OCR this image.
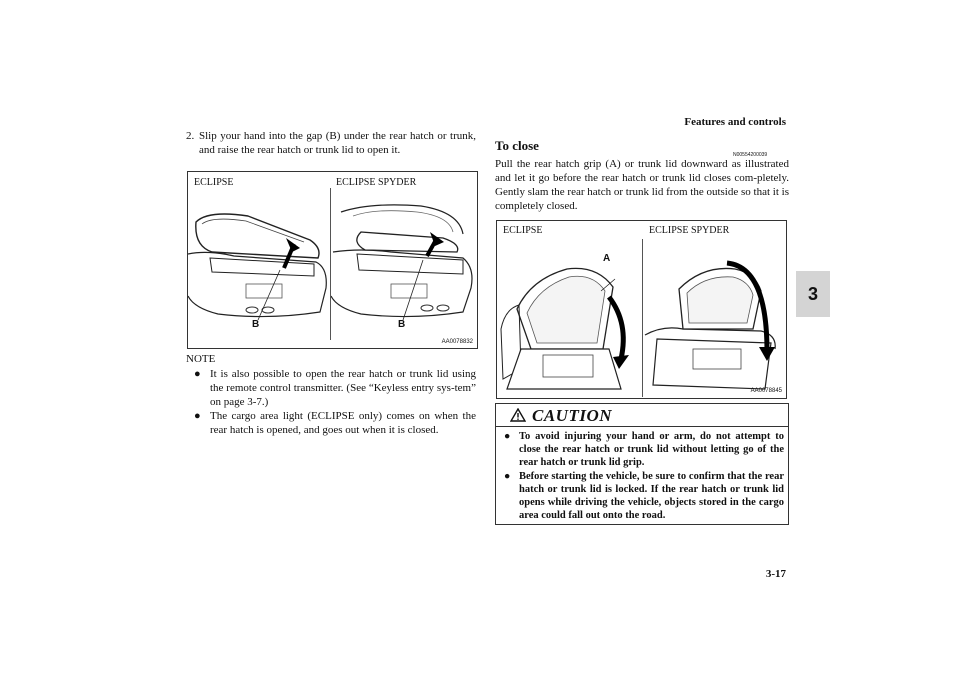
Features and controls
3-17
3
2. Slip your hand into the gap (B) under the rear hatch or trunk, and raise the rear hatch or trunk lid to open it.
ECLIPSE	ECLIPSE SPYDER
B	B
AA0078832
NOTE
● It is also possible to open the rear hatch or trunk lid using the remote control transmitter. (See “Keyless entry sys-tem” on page 3-7.)
● The cargo area light (ECLIPSE only) comes on when the rear hatch is opened, and goes out when it is closed.
To close
N00554200039
Pull the rear hatch grip (A) or trunk lid downward as illustrated and let it go before the rear hatch or trunk lid closes com-pletely. Gently slam the rear hatch or trunk lid from the outside so that it is completely closed.
ECLIPSE	ECLIPSE SPYDER
A
AA0078845
CAUTION
● To avoid injuring your hand or arm, do not attempt to close the rear hatch or trunk lid without letting go of the rear hatch or trunk lid grip.
● Before starting the vehicle, be sure to confirm that the rear hatch or trunk lid is locked. If the rear hatch or trunk lid opens while driving the vehicle, objects stored in the cargo area could fall out onto the road.
